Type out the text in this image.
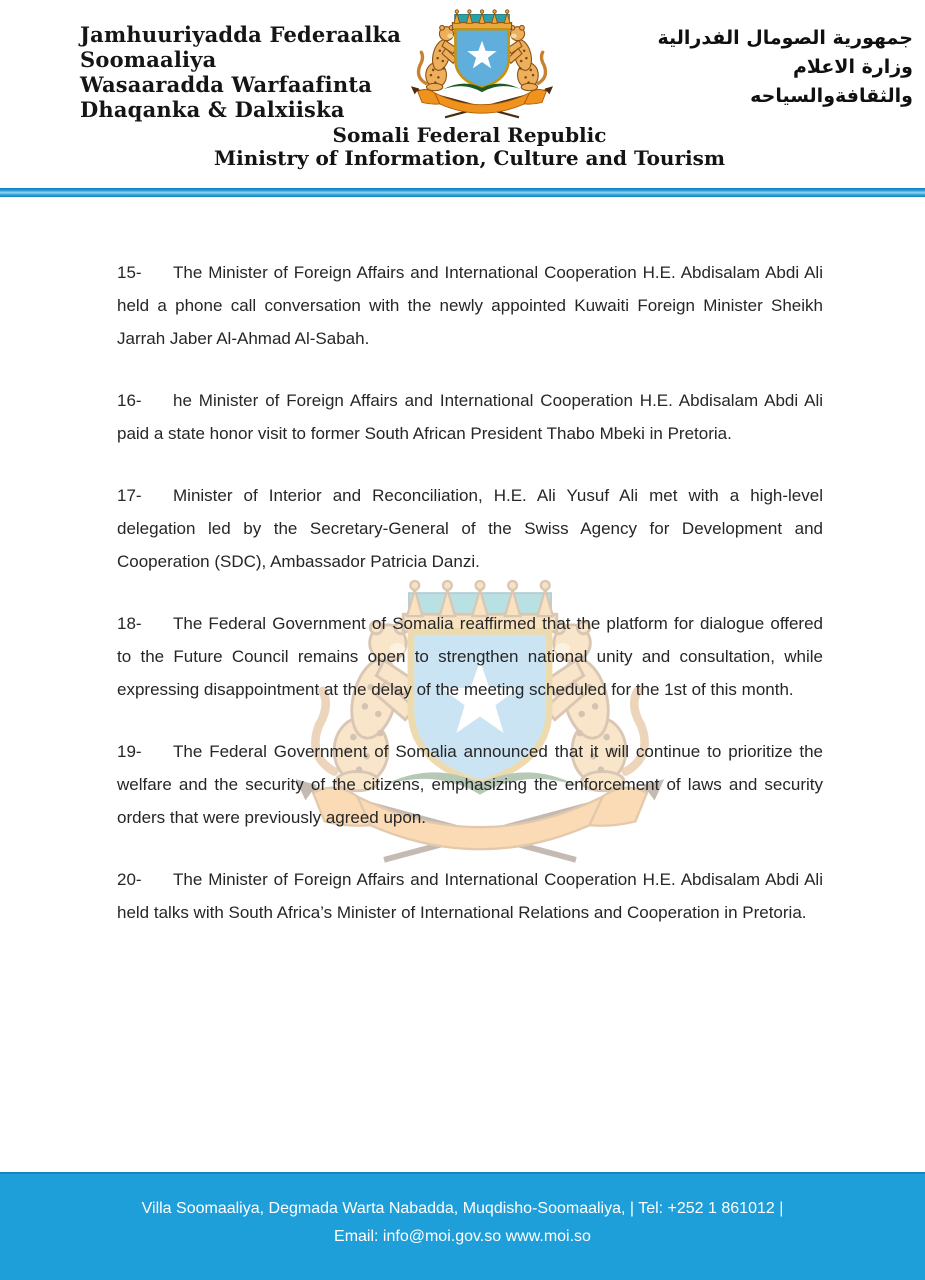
Jamhuuriyadda Federaalka
Soomaaliya
Wasaaradda Warfaafinta
Dhaqanka & Dalxiiska
جمهورية الصومال الفدرالية
وزارة الاعلام
والثقافةوالسياحه
Somali Federal Republic
Ministry of Information, Culture and Tourism

15- The Minister of Foreign Affairs and International Cooperation H.E. Abdisalam Abdi Ali held a phone call conversation with the newly appointed Kuwaiti Foreign Minister Sheikh Jarrah Jaber Al-Ahmad Al-Sabah.

16- he Minister of Foreign Affairs and International Cooperation H.E. Abdisalam Abdi Ali paid a state honor visit to former South African President Thabo Mbeki in Pretoria.

17- Minister of Interior and Reconciliation, H.E. Ali Yusuf Ali met with a high-level delegation led by the Secretary-General of the Swiss Agency for Development and Cooperation (SDC), Ambassador Patricia Danzi.

18- The Federal Government of Somalia reaffirmed that the platform for dialogue offered to the Future Council remains open to strengthen national unity and consultation, while expressing disappointment at the delay of the meeting scheduled for the 1st of this month.

19- The Federal Government of Somalia announced that it will continue to prioritize the welfare and the security of the citizens, emphasizing the enforcement of laws and security orders that were previously agreed upon.

20- The Minister of Foreign Affairs and International Cooperation H.E. Abdisalam Abdi Ali held talks with South Africa’s Minister of International Relations and Cooperation in Pretoria.

Villa Soomaaliya, Degmada Warta Nabadda, Muqdisho-Soomaaliya, | Tel: +252 1 861012 |
Email: info@moi.gov.so www.moi.so
